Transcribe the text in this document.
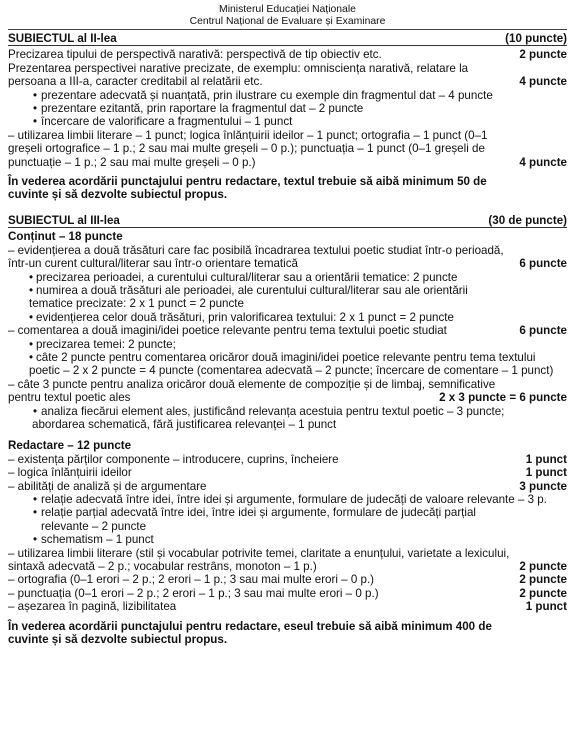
Ministerul Educației Naționale
Centrul Național de Evaluare și Examinare
SUBIECTUL al II-lea	(10 puncte)
Precizarea tipului de perspectivă narativă: perspectivă de tip obiectiv etc.	2 puncte
Prezentarea perspectivei narative precizate, de exemplu: omnisciența narativă, relatare la
persoana a III-a, caracter creditabil al relatării etc.	4 puncte
• prezentare adecvată și nuanțată, prin ilustrare cu exemple din fragmentul dat – 4 puncte
• prezentare ezitantă, prin raportare la fragmentul dat – 2 puncte
• încercare de valorificare a fragmentului – 1 punct
– utilizarea limbii literare – 1 punct; logica înlănțuirii ideilor – 1 punct; ortografia – 1 punct (0–1
greșeli ortografice – 1 p.; 2 sau mai multe greșeli – 0 p.); punctuația – 1 punct (0–1 greșeli de
punctuație – 1 p.; 2 sau mai multe greșeli – 0 p.)	4 puncte
În vederea acordării punctajului pentru redactare, textul trebuie să aibă minimum 50 de
cuvinte și să dezvolte subiectul propus.
SUBIECTUL al III-lea	(30 de puncte)
Conținut – 18 puncte
– evidențierea a două trăsături care fac posibilă încadrarea textului poetic studiat într-o perioadă,
într-un curent cultural/literar sau într-o orientare tematică	6 puncte
• precizarea perioadei, a curentului cultural/literar sau a orientării tematice: 2 puncte
• numirea a două trăsături ale perioadei, ale curentului cultural/literar sau ale orientării
tematice precizate: 2 x 1 punct = 2 puncte
• evidențierea celor două trăsături, prin valorificarea textului: 2 x 1 punct = 2 puncte
– comentarea a două imagini/idei poetice relevante pentru tema textului poetic studiat	6 puncte
• precizarea temei: 2 puncte;
• câte 2 puncte pentru comentarea oricăror două imagini/idei poetice relevante pentru tema textului
poetic – 2 x 2 puncte = 4 puncte (comentarea adecvată – 2 puncte; încercare de comentare – 1 punct)
– câte 3 puncte pentru analiza oricăror două elemente de compoziție și de limbaj, semnificative
pentru textul poetic ales	2 x 3 puncte = 6 puncte
• analiza fiecărui element ales, justificând relevanța acestuia pentru textul poetic – 3 puncte;
abordarea schematică, fără justificarea relevanței – 1 punct
Redactare – 12 puncte
– existența părților componente – introducere, cuprins, încheiere	1 punct
– logica înlănțuirii ideilor	1 punct
– abilități de analiză și de argumentare	3 puncte
• relație adecvată între idei, între idei și argumente, formulare de judecăți de valoare relevante – 3 p.
• relație parțial adecvată între idei, între idei și argumente, formulare de judecăți parțial
relevante – 2 puncte
• schematism – 1 punct
– utilizarea limbii literare (stil și vocabular potrivite temei, claritate a enunțului, varietate a lexicului,
sintaxă adecvată – 2 p.; vocabular restrâns, monoton – 1 p.)	2 puncte
– ortografia (0–1 erori – 2 p.; 2 erori – 1 p.; 3 sau mai multe erori – 0 p.)	2 puncte
– punctuația (0–1 erori – 2 p.; 2 erori – 1 p.; 3 sau mai multe erori – 0 p.)	2 puncte
– așezarea în pagină, lizibilitatea	1 punct
În vederea acordării punctajului pentru redactare, eseul trebuie să aibă minimum 400 de
cuvinte și să dezvolte subiectul propus.
